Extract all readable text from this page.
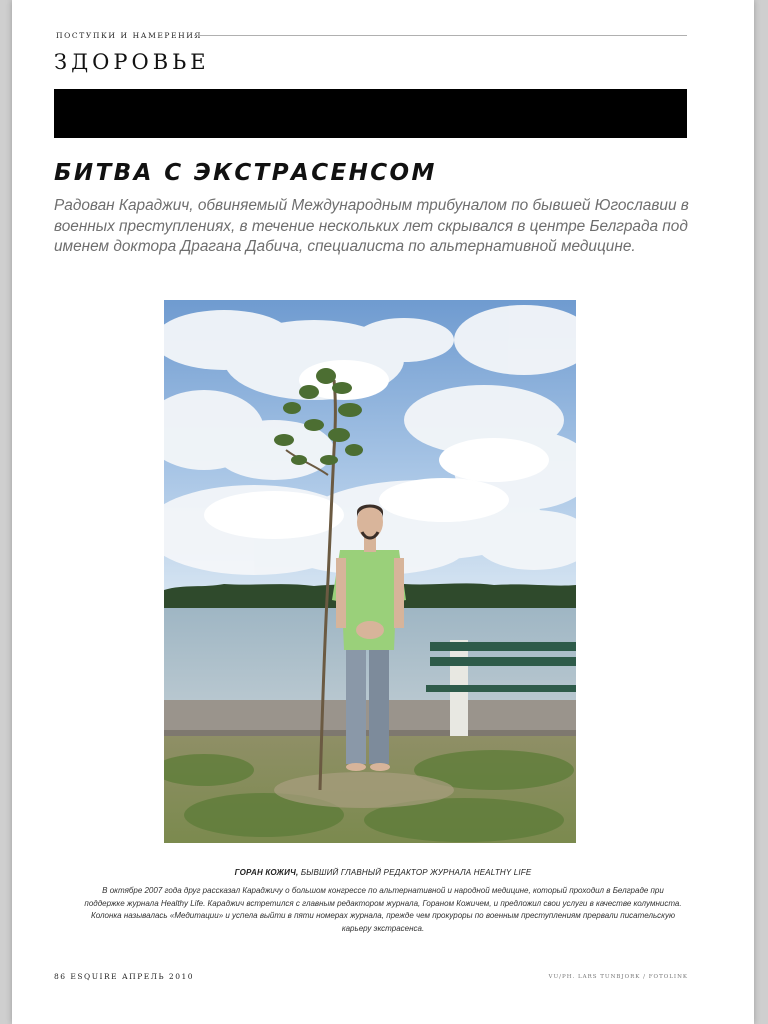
ПОСТУПКИ И НАМЕРЕНИЯ
ЗДОРОВЬЕ
БИТВА С ЭКСТРАСЕНСОМ
Радован Караджич, обвиняемый Международным трибуналом по бывшей Югославии в военных преступлениях, в течение нескольких лет скрывался в центре Белграда под именем доктора Драгана Дабича, специалиста по альтернативной медицине.
ГОРАН КОЖИЧ, БЫВШИЙ ГЛАВНЫЙ РЕДАКТОР ЖУРНАЛА HEALTHY LIFE
В октябре 2007 года друг рассказал Караджичу о большом конгрессе по альтернативной и народной медицине, который проходил в Белграде при поддержке журнала Healthy Life. Караджич встретился с главным редактором журнала, Гораном Кожичем, и предложил свои услуги в качестве колумниста. Колонка называлась «Медитации» и успела выйти в пяти номерах журнала, прежде чем прокуроры по военным преступлениям прервали писательскую карьеру экстрасенса.
86 ESQUIRE АПРЕЛЬ 2010	VU/PH. LARS TUNBJORK / FOTOLINK
